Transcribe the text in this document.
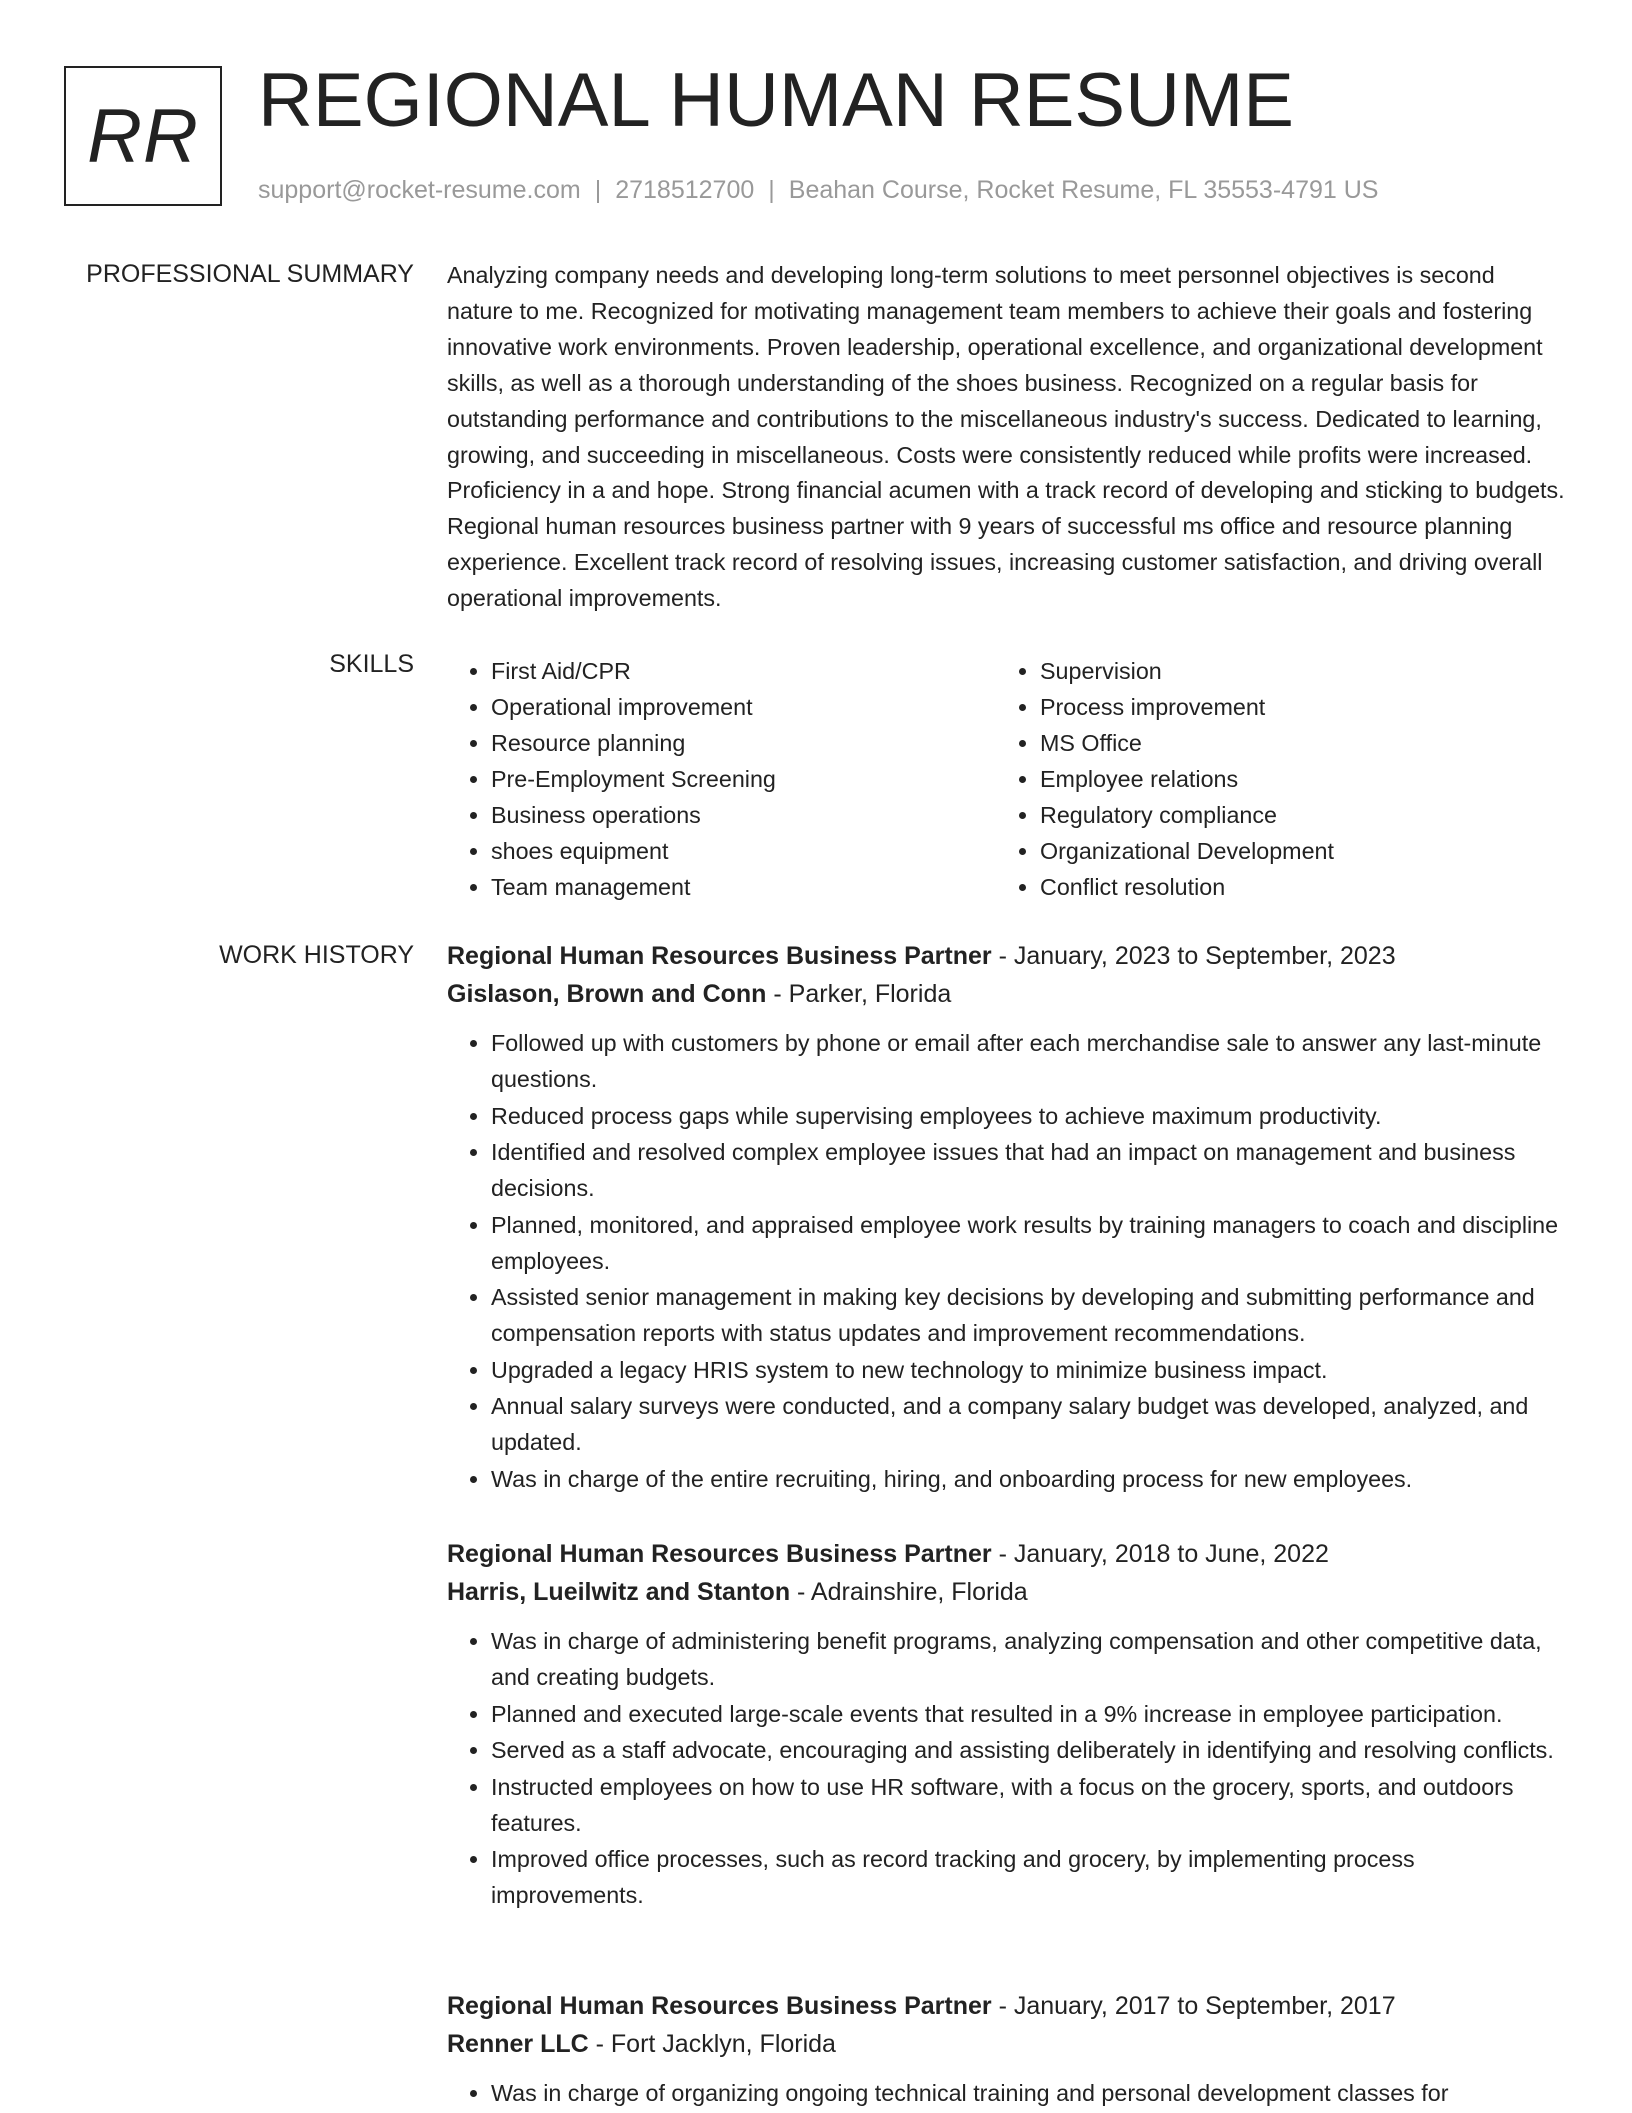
RR REGIONAL HUMAN RESUME
support@rocket-resume.com | 2718512700 | Beahan Course, Rocket Resume, FL 35553-4791 US
PROFESSIONAL SUMMARY Analyzing company needs and developing long-term solutions to meet personnel objectives is second nature to me. Recognized for motivating management team members to achieve their goals and fostering innovative work environments. Proven leadership, operational excellence, and organizational development skills, as well as a thorough understanding of the shoes business. Recognized on a regular basis for outstanding performance and contributions to the miscellaneous industry's success. Dedicated to learning, growing, and succeeding in miscellaneous. Costs were consistently reduced while profits were increased. Proficiency in a and hope. Strong financial acumen with a track record of developing and sticking to budgets. Regional human resources business partner with 9 years of successful ms office and resource planning experience. Excellent track record of resolving issues, increasing customer satisfaction, and driving overall operational improvements.

SKILLS
•	First Aid/CPR
• Operational improvement
• Resource planning
• Pre-Employment Screening
• Business operations
• shoes equipment
• Team management
• Supervision
• Process improvement
• MS Office
• Employee relations
• Regulatory compliance
• Organizational Development
• Conflict resolution
WORK HISTORY Regional Human Resources Business Partner - January, 2023 to September, 2023
Gislason, Brown and Conn - Parker, Florida
• Followed up with customers by phone or email after each merchandise sale to answer any last-minute questions.
• Reduced process gaps while supervising employees to achieve maximum productivity.
• Identified and resolved complex employee issues that had an impact on management and business decisions.
• Planned, monitored, and appraised employee work results by training managers to coach and discipline employees.
• Assisted senior management in making key decisions by developing and submitting performance and compensation reports with status updates and improvement recommendations.
• Upgraded a legacy HRIS system to new technology to minimize business impact.
• Annual salary surveys were conducted, and a company salary budget was developed, analyzed, and updated.
• Was in charge of the entire recruiting, hiring, and onboarding process for new employees.
Regional Human Resources Business Partner - January, 2018 to June, 2022
Harris, Lueilwitz and Stanton - Adrainshire, Florida
• Was in charge of administering benefit programs, analyzing compensation and other competitive data, and creating budgets.
• Planned and executed large-scale events that resulted in a 9% increase in employee participation.
• Served as a staff advocate, encouraging and assisting deliberately in identifying and resolving conflicts.
• Instructed employees on how to use HR software, with a focus on the grocery, sports, and outdoors features.
• Improved office processes, such as record tracking and grocery, by implementing process improvements.
Regional Human Resources Business Partner - January, 2017 to September, 2017
Renner LLC - Fort Jacklyn, Florida
• Was in charge of organizing ongoing technical training and personal development classes for
